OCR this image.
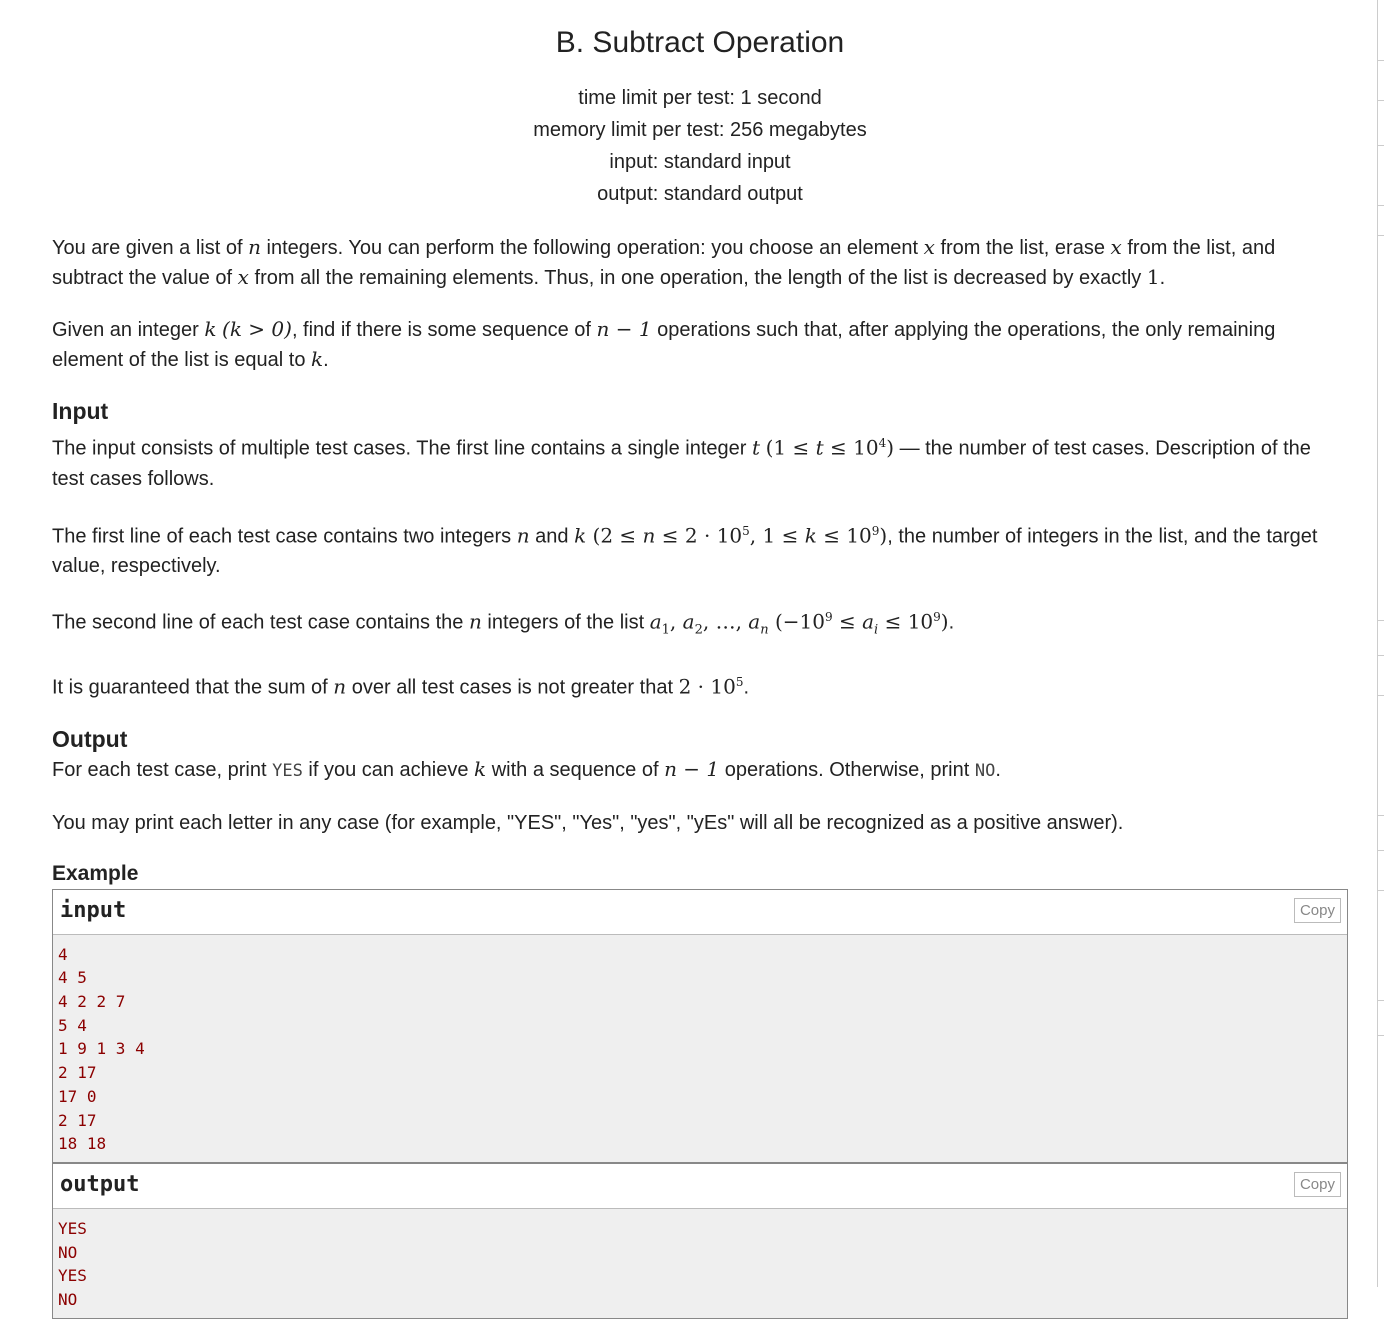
B. Subtract Operation
time limit per test: 1 second
memory limit per test: 256 megabytes
input: standard input
output: standard output

You are given a list of n integers. You can perform the following operation: you choose an element x from the list, erase x from the list, and subtract the value of x from all the remaining elements. Thus, in one operation, the length of the list is decreased by exactly 1.

Given an integer k (k > 0), find if there is some sequence of n − 1 operations such that, after applying the operations, the only remaining element of the list is equal to k.

Input

The input consists of multiple test cases. The first line contains a single integer t $(1 \le t \le 10^4)$ — the number of test cases. Description of the test cases follows.

The first line of each test case contains two integers n and k ($2 \le n \le 2 \cdot 10^5$, $1 \le k \le 10^9$), the number of integers in the list, and the target value, respectively.

The second line of each test case contains the n integers of the list $a_1$, $a_2$, …, $a_n$ $(-10^9 \le a_i \le 10^9)$.

It is guaranteed that the sum of n over all test cases is not greater that $2 \cdot 10^5$.

Output

For each test case, print YES if you can achieve k with a sequence of n − 1 operations. Otherwise, print NO.

You may print each letter in any case (for example, "YES", "Yes", "yes", "yEs" will all be recognized as a positive answer).

Example
input	Copy
4
4 5
4 2 2 7
5 4
1 9 1 3 4
2 17
17 0
2 17
18 18
output	Copy
YES
NO
YES
NO
